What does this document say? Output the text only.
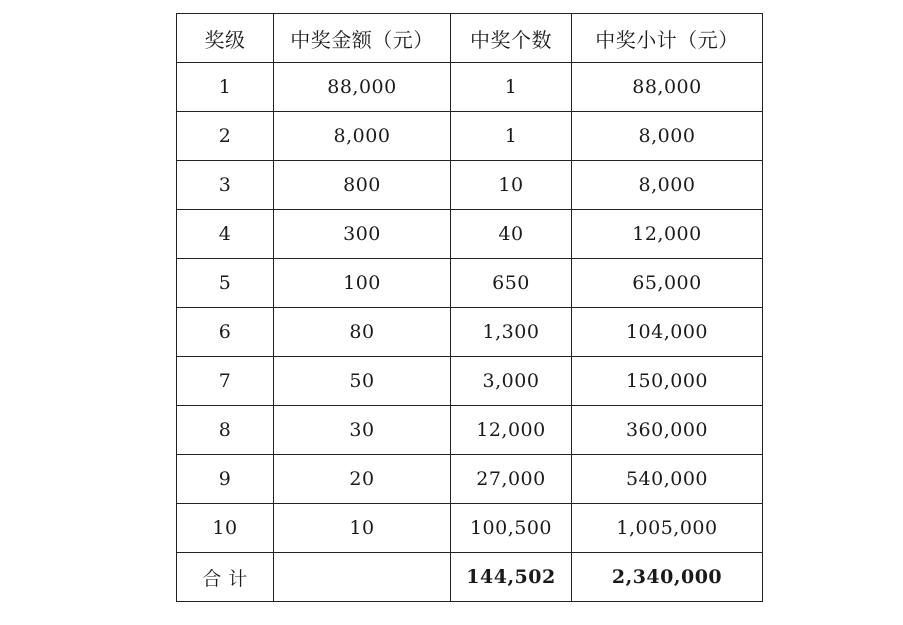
奖级	中奖金额（元）	中奖个数	中奖小计（元）
1	88,000	1	88,000
2	8,000	1	8,000
3	800	10	8,000
4	300	40	12,000
5	100	650	65,000
6	80	1,300	104,000
7	50	3,000	150,000
8	30	12,000	360,000
9	20	27,000	540,000
10	10	100,500	1,005,000
合 计		144,502	2,340,000
